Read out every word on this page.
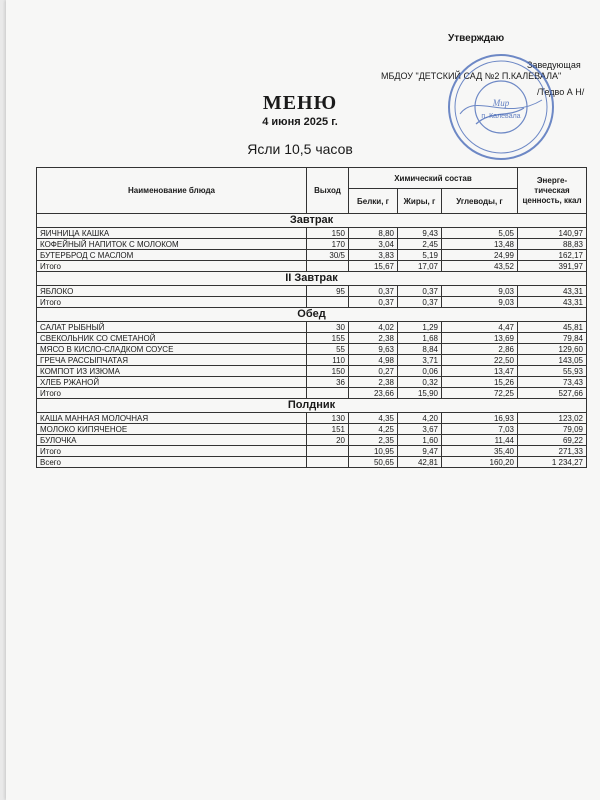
Утверждаю
Заведующая
МБДОУ "ДЕТСКИЙ САД №2 П.КАЛЕВАЛА"
/Тедво А Н/
Мир
п. Калевала
МЕНЮ
4 июня 2025 г.
Ясли 10,5 часов
Наименование блюда	Выход	Химический состав			Энерге-тическая ценность, ккал
		Белки, г	Жиры, г	Углеводы, г	
Завтрак					
ЯИЧНИЦА КАШКА	150	8,80	9,43	5,05	140,97
КОФЕЙНЫЙ НАПИТОК С МОЛОКОМ	170	3,04	2,45	13,48	88,83
БУТЕРБРОД С МАСЛОМ	30/5	3,83	5,19	24,99	162,17
Итого		15,67	17,07	43,52	391,97
II Завтрак					
ЯБЛОКО	95	0,37	0,37	9,03	43,31
Итого		0,37	0,37	9,03	43,31
Обед					
САЛАТ РЫБНЫЙ	30	4,02	1,29	4,47	45,81
СВЕКОЛЬНИК СО СМЕТАНОЙ	155	2,38	1,68	13,69	79,84
МЯСО В КИСЛО-СЛАДКОМ СОУСЕ	55	9,63	8,84	2,86	129,60
ГРЕЧА РАССЫПЧАТАЯ	110	4,98	3,71	22,50	143,05
КОМПОТ ИЗ ИЗЮМА	150	0,27	0,06	13,47	55,93
ХЛЕБ РЖАНОЙ	36	2,38	0,32	15,26	73,43
Итого		23,66	15,90	72,25	527,66
Полдник					
КАША МАННАЯ МОЛОЧНАЯ	130	4,35	4,20	16,93	123,02
МОЛОКО КИПЯЧЕНОЕ	151	4,25	3,67	7,03	79,09
БУЛОЧКА	20	2,35	1,60	11,44	69,22
Итого		10,95	9,47	35,40	271,33
Всего		50,65	42,81	160,20	1 234,27
